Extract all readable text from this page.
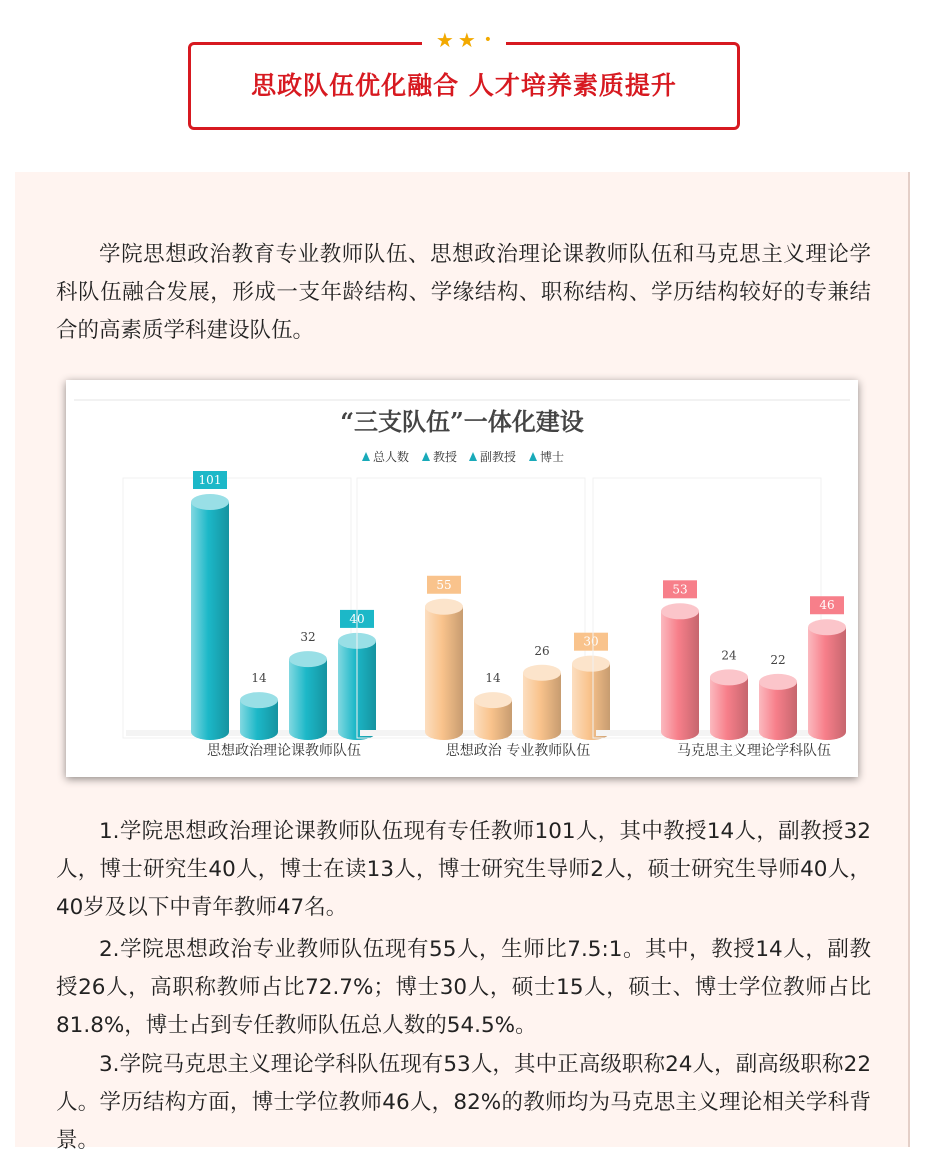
★ ★ •
思政队伍优化融合 人才培养素质提升

学院思想政治教育专业教师队伍、思想政治理论课教师队伍和马克思主义理论学科队伍融合发展，形成一支年龄结构、学缘结构、职称结构、学历结构较好的专兼结合的高素质学科建设队伍。

“三支队伍”一体化建设
总人数 教授 副教授 博士
101
14
32
40
思想政治理论课教师队伍
55
14
26
30
思想政治 专业教师队伍
53
24	22
46
马克思主义理论学科队伍

1.学院思想政治理论课教师队伍现有专任教师101人，其中教授14人，副教授32人，博士研究生40人，博士在读13人，博士研究生导师2人，硕士研究生导师40人，40岁及以下中青年教师47名。

2.学院思想政治专业教师队伍现有55人，生师比7.5:1。其中，教授14人，副教授26人，高职称教师占比72.7%；博士30人，硕士15人，硕士、博士学位教师占比81.8%，博士占到专任教师队伍总人数的54.5%。

3.学院马克思主义理论学科队伍现有53人，其中正高级职称24人，副高级职称22人。学历结构方面，博士学位教师46人，82%的教师均为马克思主义理论相关学科背景。
